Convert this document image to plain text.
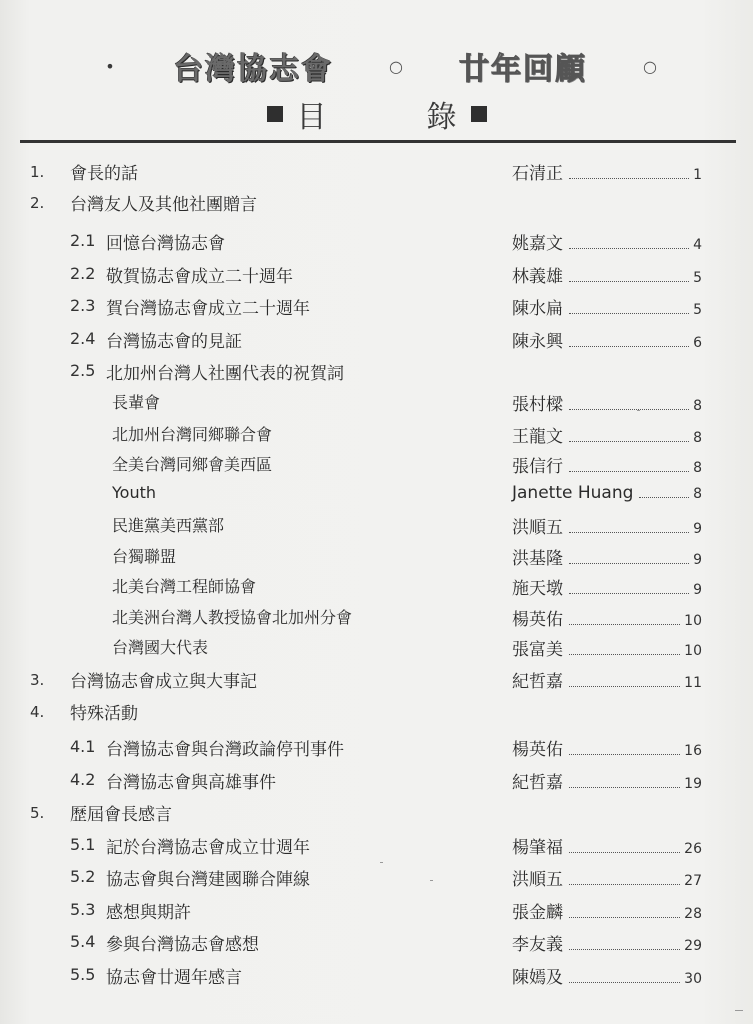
• 台灣協志會	○ 廿年回顧	○
目	錄
1. 會長的話	石清正	1
2. 台灣友人及其他社團贈言
2.1 回憶台灣協志會	姚嘉文	4
2.2 敬賀協志會成立二十週年	林義雄	5
2.3 賀台灣協志會成立二十週年	陳水扁	5
2.4 台灣協志會的見証	陳永興	6
2.5 北加州台灣人社團代表的祝賀詞
長輩會	張村樑	8
北加州台灣同鄉聯合會	王龍文	8
全美台灣同鄉會美西區	張信行	8
Youth	Janette Huang	8
民進黨美西黨部	洪順五	9
台獨聯盟	洪基隆	9
北美台灣工程師協會	施天墩	9
北美洲台灣人教授協會北加州分會	楊英佑	10
台灣國大代表	張富美	10
3. 台灣協志會成立與大事記	紀哲嘉	11
4. 特殊活動
4.1 台灣協志會與台灣政論停刊事件	楊英佑	16
4.2 台灣協志會與高雄事件	紀哲嘉	19
5. 歷屆會長感言
5.1 記於台灣協志會成立廿週年	楊肇福	26
5.2 協志會與台灣建國聯合陣線	洪順五	27
5.3 感想與期許	張金麟	28
5.4 參與台灣協志會感想	李友義	29
5.5 協志會廿週年感言	陳嫣及	30
